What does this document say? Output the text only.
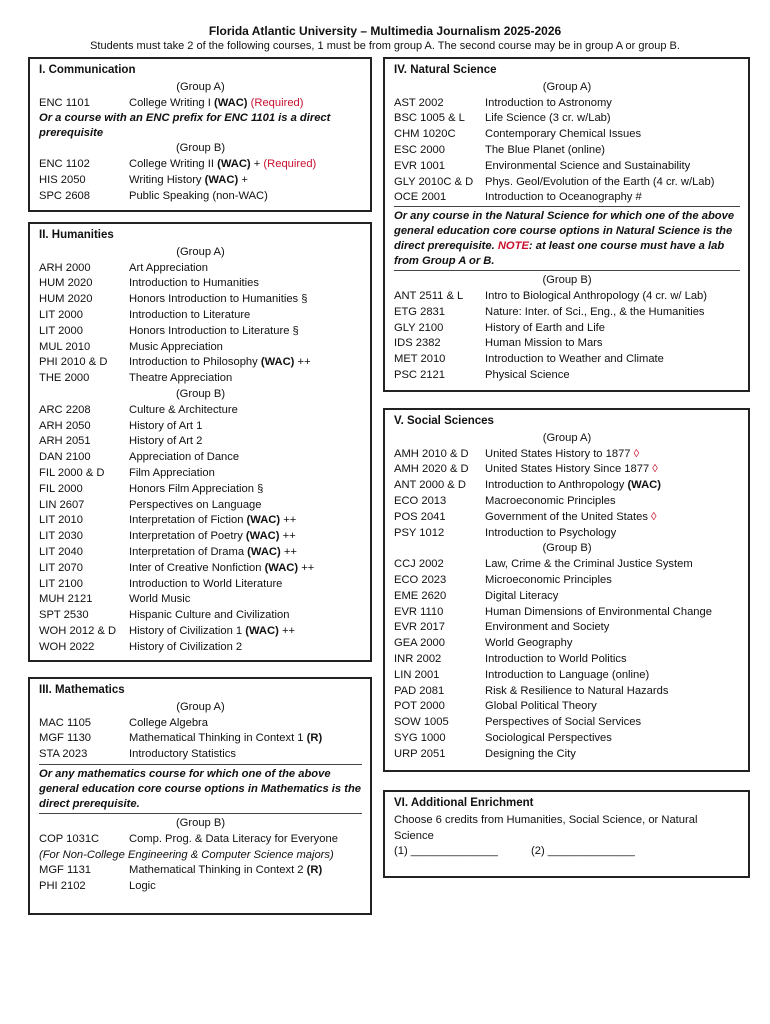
Florida Atlantic University – Multimedia Journalism 2025-2026
Students must take 2 of the following courses, 1 must be from group A. The second course may be in group A or group B.
I. Communication
(Group A)
ENC 1101	College Writing I (WAC) (Required)
Or a course with an ENC prefix for ENC 1101 is a direct prerequisite
(Group B)
ENC 1102	College Writing II (WAC) + (Required)
HIS 2050	Writing History (WAC) +
SPC 2608	Public Speaking (non-WAC)
II. Humanities
(Group A)
ARH 2000	Art Appreciation
HUM 2020	Introduction to Humanities
HUM 2020	Honors Introduction to Humanities §
LIT 2000	Introduction to Literature
LIT 2000	Honors Introduction to Literature §
MUL 2010	Music Appreciation
PHI 2010 & D	Introduction to Philosophy (WAC) ++
THE 2000	Theatre Appreciation
(Group B)
ARC 2208	Culture & Architecture
ARH 2050	History of Art 1
ARH 2051	History of Art 2
DAN 2100	Appreciation of Dance
FIL 2000 & D	Film Appreciation
FIL 2000	Honors Film Appreciation §
LIN 2607	Perspectives on Language
LIT 2010	Interpretation of Fiction (WAC) ++
LIT 2030	Interpretation of Poetry (WAC) ++
LIT 2040	Interpretation of Drama (WAC) ++
LIT 2070	Inter of Creative Nonfiction (WAC) ++
LIT 2100	Introduction to World Literature
MUH 2121	World Music
SPT 2530	Hispanic Culture and Civilization
WOH 2012 & D	History of Civilization 1 (WAC) ++
WOH 2022	History of Civilization 2
III. Mathematics
(Group A)
MAC 1105	College Algebra
MGF 1130	Mathematical Thinking in Context 1 (R)
STA 2023	Introductory Statistics
Or any mathematics course for which one of the above general education core course options in Mathematics is the direct prerequisite.
(Group B)
COP 1031C	Comp. Prog. & Data Literacy for Everyone
(For Non-College Engineering & Computer Science majors)
MGF 1131	Mathematical Thinking in Context 2 (R)
PHI 2102	Logic
IV. Natural Science
(Group A)
AST 2002	Introduction to Astronomy
BSC 1005 & L	Life Science (3 cr. w/Lab)
CHM 1020C	Contemporary Chemical Issues
ESC 2000	The Blue Planet (online)
EVR 1001	Environmental Science and Sustainability
GLY 2010C & D	Phys. Geol/Evolution of the Earth (4 cr. w/Lab)
OCE 2001	Introduction to Oceanography #
Or any course in the Natural Science for which one of the above general education core course options in Natural Science is the direct prerequisite. NOTE: at least one course must have a lab from Group A or B.
(Group B)
ANT 2511 & L	Intro to Biological Anthropology (4 cr. w/ Lab)
ETG 2831	Nature: Inter. of Sci., Eng., & the Humanities
GLY 2100	History of Earth and Life
IDS 2382	Human Mission to Mars
MET 2010	Introduction to Weather and Climate
PSC 2121	Physical Science
V. Social Sciences
(Group A)
AMH 2010 & D	United States History to 1877 ◊
AMH 2020 & D	United States History Since 1877 ◊
ANT 2000 & D	Introduction to Anthropology (WAC)
ECO 2013	Macroeconomic Principles
POS 2041	Government of the United States ◊
PSY 1012	Introduction to Psychology
(Group B)
CCJ 2002	Law, Crime & the Criminal Justice System
ECO 2023	Microeconomic Principles
EME 2620	Digital Literacy
EVR 1110	Human Dimensions of Environmental Change
EVR 2017	Environment and Society
GEA 2000	World Geography
INR 2002	Introduction to World Politics
LIN 2001	Introduction to Language (online)
PAD 2081	Risk & Resilience to Natural Hazards
POT 2000	Global Political Theory
SOW 1005	Perspectives of Social Services
SYG 1000	Sociological Perspectives
URP 2051	Designing the City
VI. Additional Enrichment
Choose 6 credits from Humanities, Social Science, or Natural Science
(1) ______________	(2) ______________
